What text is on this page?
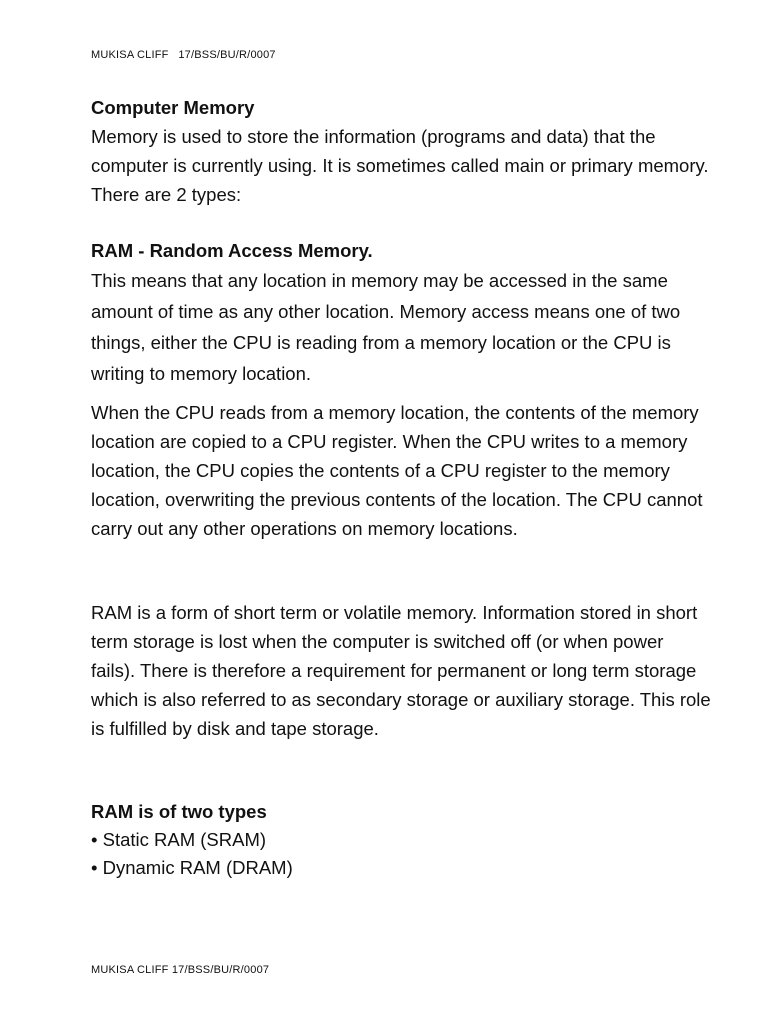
MUKISA CLIFF   17/BSS/BU/R/0007

Computer Memory

Memory is used to store the information (programs and data) that the computer is currently using. It is sometimes called main or primary memory. There are 2 types:

RAM - Random Access Memory.

This means that any location in memory may be accessed in the same amount of time as any other location. Memory access means one of two things, either the CPU is reading from a memory location or the CPU is writing to memory location.

When the CPU reads from a memory location, the contents of the memory location are copied to a CPU register. When the CPU writes to a memory location, the CPU copies the contents of a CPU register to the memory location, overwriting the previous contents of the location. The CPU cannot carry out any other operations on memory locations.

RAM is a form of short term or volatile memory. Information stored in short term storage is lost when the computer is switched off (or when power fails). There is therefore a requirement for permanent or long term storage which is also referred to as secondary storage or auxiliary storage. This role is fulfilled by disk and tape storage.

RAM is of two types

• Static RAM (SRAM)
• Dynamic RAM (DRAM)
MUKISA CLIFF 17/BSS/BU/R/0007
